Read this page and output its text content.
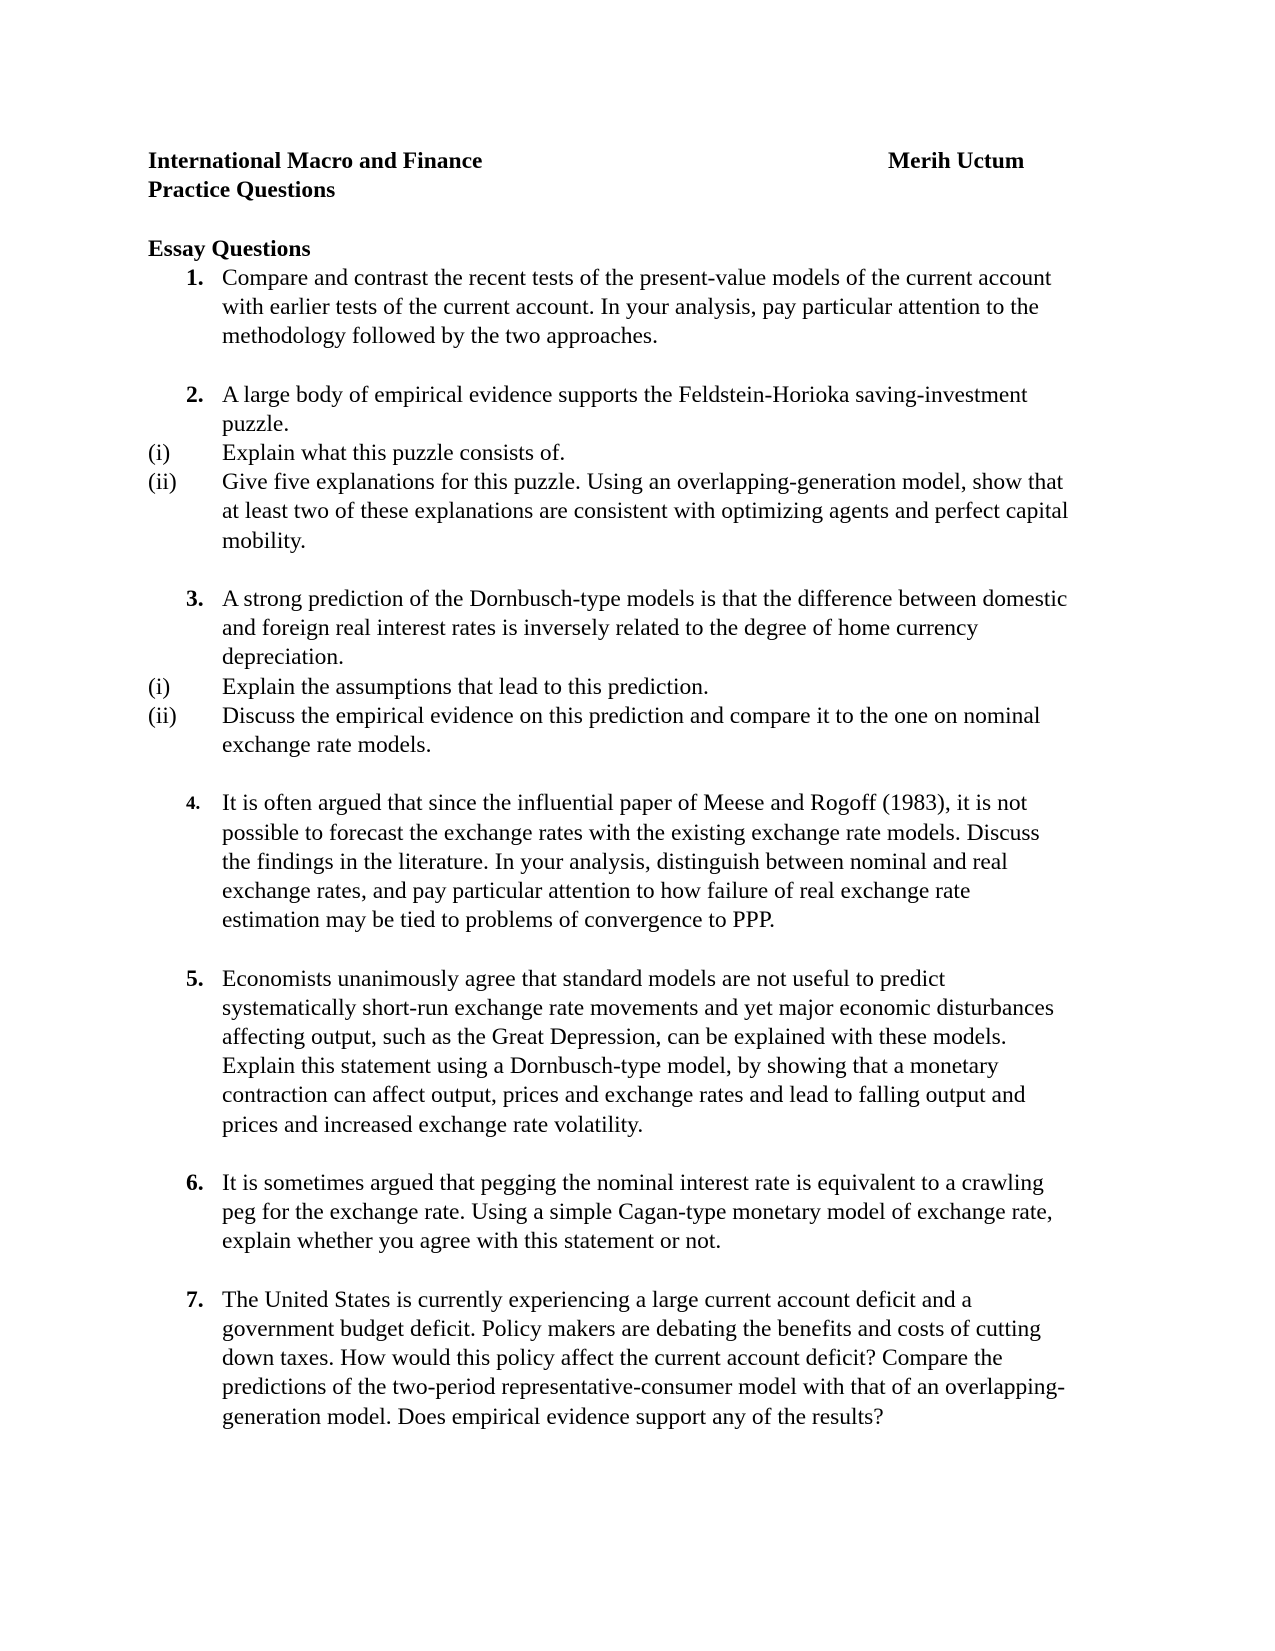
International Macro and Finance	Merih Uctum
Practice Questions
Essay Questions
1. Compare and contrast the recent tests of the present-value models of the current account
with earlier tests of the current account. In your analysis, pay particular attention to the
methodology followed by the two approaches.
2. A large body of empirical evidence supports the Feldstein-Horioka saving-investment
puzzle.
(i) Explain what this puzzle consists of.
(ii) Give five explanations for this puzzle. Using an overlapping-generation model, show that
at least two of these explanations are consistent with optimizing agents and perfect capital
mobility.
3. A strong prediction of the Dornbusch-type models is that the difference between domestic
and foreign real interest rates is inversely related to the degree of home currency
depreciation.
(i) Explain the assumptions that lead to this prediction.
(ii) Discuss the empirical evidence on this prediction and compare it to the one on nominal
exchange rate models.
4. It is often argued that since the influential paper of Meese and Rogoff (1983), it is not
possible to forecast the exchange rates with the existing exchange rate models. Discuss
the findings in the literature. In your analysis, distinguish between nominal and real
exchange rates, and pay particular attention to how failure of real exchange rate
estimation may be tied to problems of convergence to PPP.
5. Economists unanimously agree that standard models are not useful to predict
systematically short-run exchange rate movements and yet major economic disturbances
affecting output, such as the Great Depression, can be explained with these models.
Explain this statement using a Dornbusch-type model, by showing that a monetary
contraction can affect output, prices and exchange rates and lead to falling output and
prices and increased exchange rate volatility.
6. It is sometimes argued that pegging the nominal interest rate is equivalent to a crawling
peg for the exchange rate. Using a simple Cagan-type monetary model of exchange rate,
explain whether you agree with this statement or not.
7. The United States is currently experiencing a large current account deficit and a
government budget deficit. Policy makers are debating the benefits and costs of cutting
down taxes. How would this policy affect the current account deficit? Compare the
predictions of the two-period representative-consumer model with that of an overlapping-
generation model. Does empirical evidence support any of the results?
